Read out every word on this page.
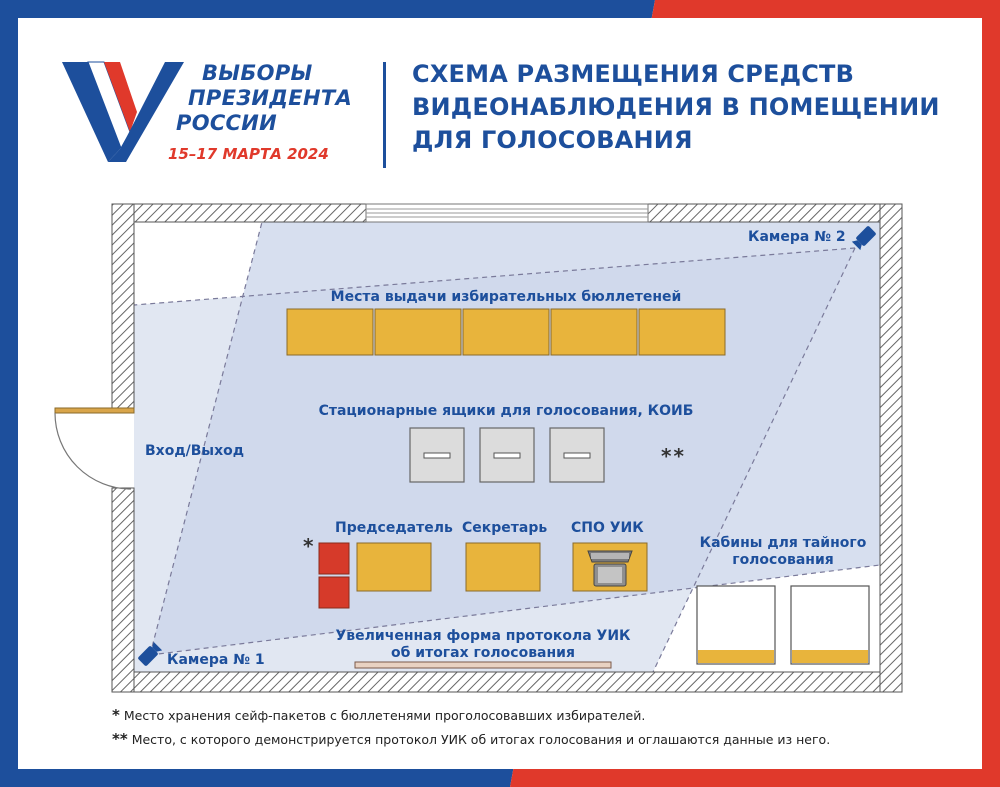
ВЫБОРЫ
ПРЕЗИДЕНТА
РОССИИ
15–17 МАРТА 2024
СХЕМА РАЗМЕЩЕНИЯ СРЕДСТВ
ВИДЕОНАБЛЮДЕНИЯ В ПОМЕЩЕНИИ
ДЛЯ ГОЛОСОВАНИЯ
Места выдачи избирательных бюллетеней
Стационарные ящики для голосования, КОИБ
Вход/Выход
Председатель Секретарь СПО УИК
Кабины для тайного
голосования
Увеличенная форма протокола УИК
об итогах голосования
Камера № 1
Камера № 2
*
**
* Место хранения сейф-пакетов с бюллетенями проголосовавших избирателей.
** Место, с которого демонстрируется протокол УИК об итогах голосования и оглашаются данные из него.
